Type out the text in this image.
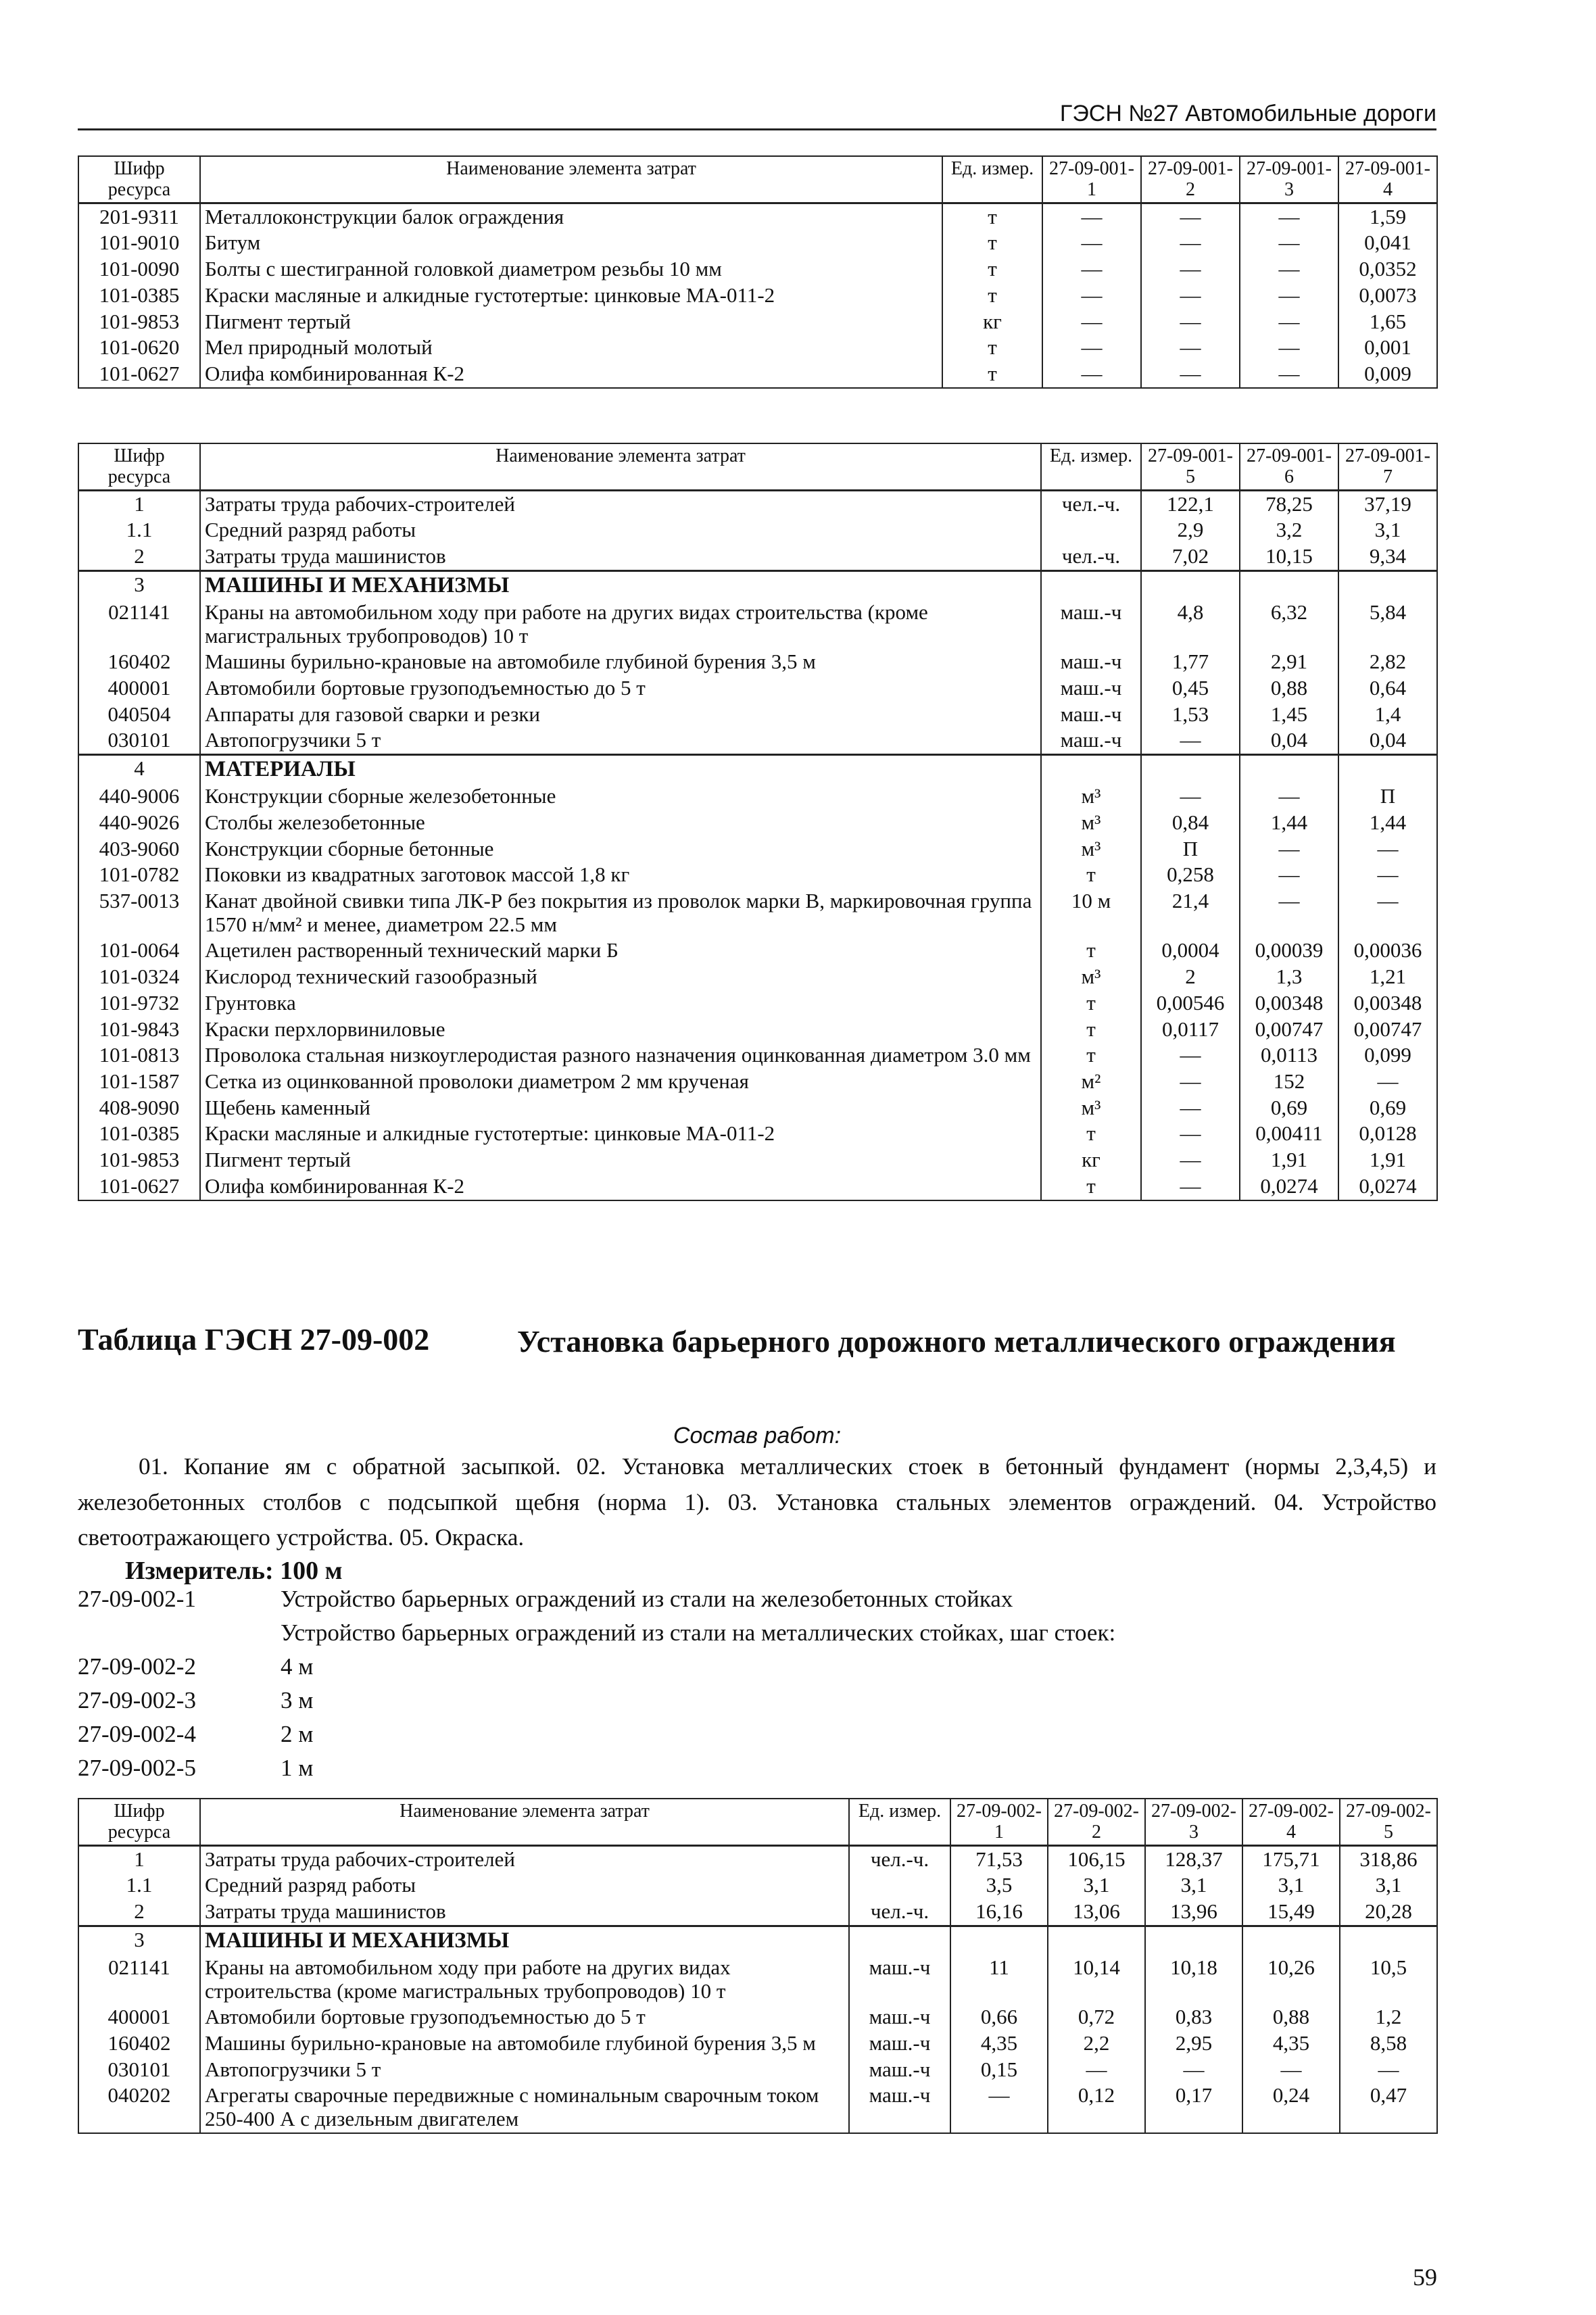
ГЭСН №27 Автомобильные дороги
Шифр ресурса	Наименование элемента затрат	Ед. измер.	27-09-001-1	27-09-001-2	27-09-001-3	27-09-001-4
201-9311	Металлоконструкции балок ограждения	т	—	—	—	1,59
101-9010	Битум	т	—	—	—	0,041
101-0090	Болты с шестигранной головкой диаметром резьбы 10 мм	т	—	—	—	0,0352
101-0385	Краски масляные и алкидные густотертые: цинковые МА-011-2	т	—	—	—	0,0073
101-9853	Пигмент тертый	кг	—	—	—	1,65
101-0620	Мел природный молотый	т	—	—	—	0,001
101-0627	Олифа комбинированная К-2	т	—	—	—	0,009
Шифр ресурса	Наименование элемента затрат	Ед. измер.	27-09-001-5	27-09-001-6	27-09-001-7
1	Затраты труда рабочих-строителей	чел.-ч.	122,1	78,25	37,19
1.1	Средний разряд работы		2,9	3,2	3,1
2	Затраты труда машинистов	чел.-ч.	7,02	10,15	9,34
3	МАШИНЫ И МЕХАНИЗМЫ				
021141	Краны на автомобильном ходу при работе на других видах строительства (кроме магистральных трубопроводов) 10 т	маш.-ч	4,8	6,32	5,84
160402	Машины бурильно-крановые на автомобиле глубиной бурения 3,5 м	маш.-ч	1,77	2,91	2,82
400001	Автомобили бортовые грузоподъемностью до 5 т	маш.-ч	0,45	0,88	0,64
040504	Аппараты для газовой сварки и резки	маш.-ч	1,53	1,45	1,4
030101	Автопогрузчики 5 т	маш.-ч	—	0,04	0,04
4	МАТЕРИАЛЫ				
440-9006	Конструкции сборные железобетонные	м³	—	—	П
440-9026	Столбы железобетонные	м³	0,84	1,44	1,44
403-9060	Конструкции сборные бетонные	м³	П	—	—
101-0782	Поковки из квадратных заготовок массой 1,8 кг	т	0,258	—	—
537-0013	Канат двойной свивки типа ЛК-Р без покрытия из проволок марки В, маркировочная группа 1570 н/мм² и менее, диаметром 22.5 мм	10 м	21,4	—	—
101-0064	Ацетилен растворенный технический марки Б	т	0,0004	0,00039	0,00036
101-0324	Кислород технический газообразный	м³	2	1,3	1,21
101-9732	Грунтовка	т	0,00546	0,00348	0,00348
101-9843	Краски перхлорвиниловые	т	0,0117	0,00747	0,00747
101-0813	Проволока стальная низкоуглеродистая разного назначения оцинкованная диаметром 3.0 мм	т	—	0,0113	0,099
101-1587	Сетка из оцинкованной проволоки диаметром 2 мм крученая	м²	—	152	—
408-9090	Щебень каменный	м³	—	0,69	0,69
101-0385	Краски масляные и алкидные густотертые: цинковые МА-011-2	т	—	0,00411	0,0128
101-9853	Пигмент тертый	кг	—	1,91	1,91
101-0627	Олифа комбинированная К-2	т	—	0,0274	0,0274
Таблица ГЭСН 27-09-002	Установка барьерного дорожного металлического ограждения
Состав работ:
01. Копание ям с обратной засыпкой. 02. Установка металлических стоек в бетонный фундамент (нормы 2,3,4,5) и железобетонных столбов с подсыпкой щебня (норма 1). 03. Установка стальных элементов ограждений. 04. Устройство светоотражающего устройства. 05. Окраска.
Измеритель: 100 м
27-09-002-1	Устройство барьерных ограждений из стали на железобетонных стойках
Устройство барьерных ограждений из стали на металлических стойках, шаг стоек:
27-09-002-2	4 м
27-09-002-3	3 м
27-09-002-4	2 м
27-09-002-5	1 м
Шифр ресурса	Наименование элемента затрат	Ед. измер.	27-09-002-1	27-09-002-2	27-09-002-3	27-09-002-4	27-09-002-5
1	Затраты труда рабочих-строителей	чел.-ч.	71,53	106,15	128,37	175,71	318,86
1.1	Средний разряд работы		3,5	3,1	3,1	3,1	3,1
2	Затраты труда машинистов	чел.-ч.	16,16	13,06	13,96	15,49	20,28
3	МАШИНЫ И МЕХАНИЗМЫ						
021141	Краны на автомобильном ходу при работе на других видах строительства (кроме магистральных трубопроводов) 10 т	маш.-ч	11	10,14	10,18	10,26	10,5
400001	Автомобили бортовые грузоподъемностью до 5 т	маш.-ч	0,66	0,72	0,83	0,88	1,2
160402	Машины бурильно-крановые на автомобиле глубиной бурения 3,5 м	маш.-ч	4,35	2,2	2,95	4,35	8,58
030101	Автопогрузчики 5 т	маш.-ч	0,15	—	—	—	—
040202	Агрегаты сварочные передвижные с номинальным сварочным током 250-400 А с дизельным двигателем	маш.-ч	—	0,12	0,17	0,24	0,47
59
